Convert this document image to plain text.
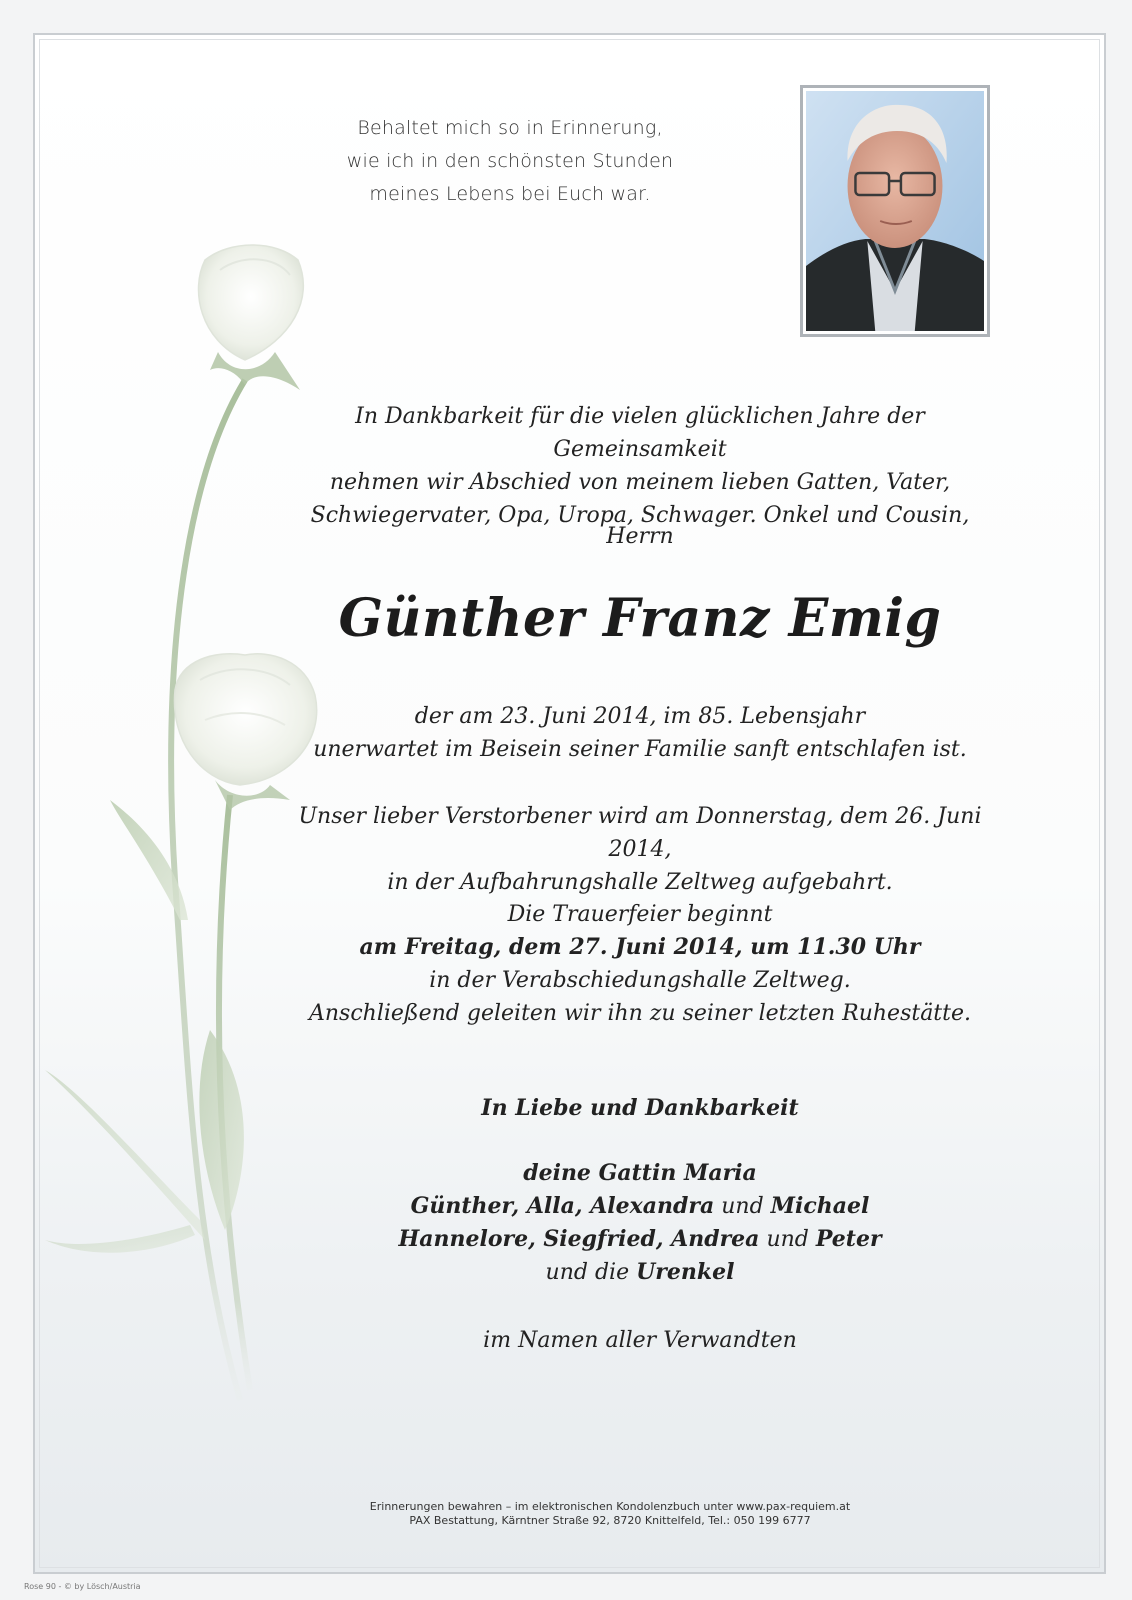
Behaltet mich so in Erinnerung,
wie ich in den schönsten Stunden
meines Lebens bei Euch war.
In Dankbarkeit für die vielen glücklichen Jahre der Gemeinsamkeit
nehmen wir Abschied von meinem lieben Gatten, Vater,
Schwiegervater, Opa, Uropa, Schwager. Onkel und Cousin,
Herrn
Günther Franz Emig
der am 23. Juni 2014, im 85. Lebensjahr
unerwartet im Beisein seiner Familie sanft entschlafen ist.
Unser lieber Verstorbener wird am Donnerstag, dem 26. Juni 2014,
in der Aufbahrungshalle Zeltweg aufgebahrt.
Die Trauerfeier beginnt
am Freitag, dem 27. Juni 2014, um 11.30 Uhr
in der Verabschiedungshalle Zeltweg.
Anschließend geleiten wir ihn zu seiner letzten Ruhestätte.
In Liebe und Dankbarkeit
deine Gattin Maria
Günther, Alla, Alexandra und Michael
Hannelore, Siegfried, Andrea und Peter
und die Urenkel
im Namen aller Verwandten
Erinnerungen bewahren – im elektronischen Kondolenzbuch unter www.pax-requiem.at
PAX Bestattung, Kärntner Straße 92, 8720 Knittelfeld, Tel.: 050 199 6777
Rose 90 - © by Lösch/Austria
